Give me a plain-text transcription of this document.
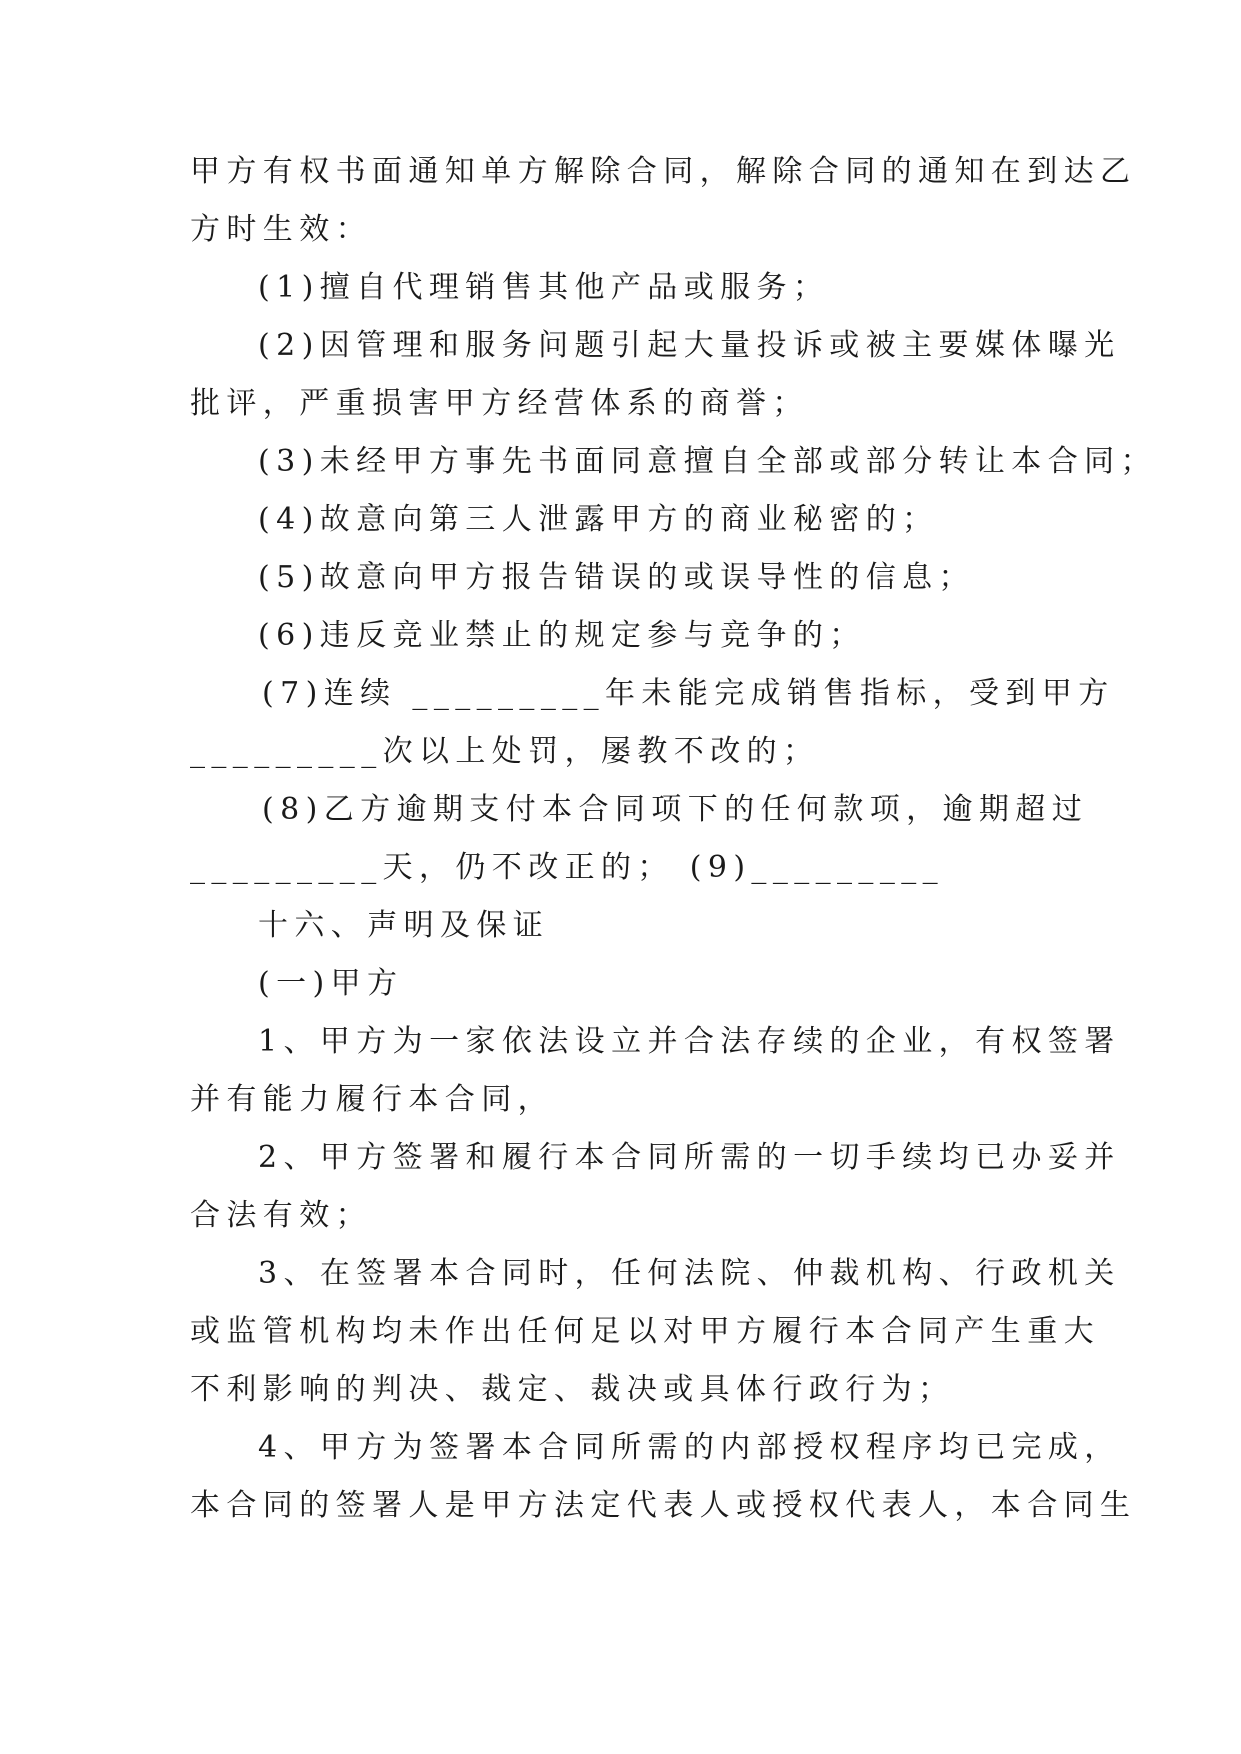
甲方有权书面通知单方解除合同，解除合同的通知在到达乙
方时生效：
(1)擅自代理销售其他产品或服务；
(2)因管理和服务问题引起大量投诉或被主要媒体曝光
批评，严重损害甲方经营体系的商誉；
(3)未经甲方事先书面同意擅自全部或部分转让本合同；
(4)故意向第三人泄露甲方的商业秘密的；
(5)故意向甲方报告错误的或误导性的信息；
(6)违反竞业禁止的规定参与竞争的；
(7)连续 _________年未能完成销售指标，受到甲方
_________次以上处罚，屡教不改的；
(8)乙方逾期支付本合同项下的任何款项，逾期超过
_________天，仍不改正的； (9)_________
十六、声明及保证
(一)甲方
1、甲方为一家依法设立并合法存续的企业，有权签署
并有能力履行本合同，
2、甲方签署和履行本合同所需的一切手续均已办妥并
合法有效；
3、在签署本合同时，任何法院、仲裁机构、行政机关
或监管机构均未作出任何足以对甲方履行本合同产生重大
不利影响的判决、裁定、裁决或具体行政行为；
4、甲方为签署本合同所需的内部授权程序均已完成，
本合同的签署人是甲方法定代表人或授权代表人，本合同生
